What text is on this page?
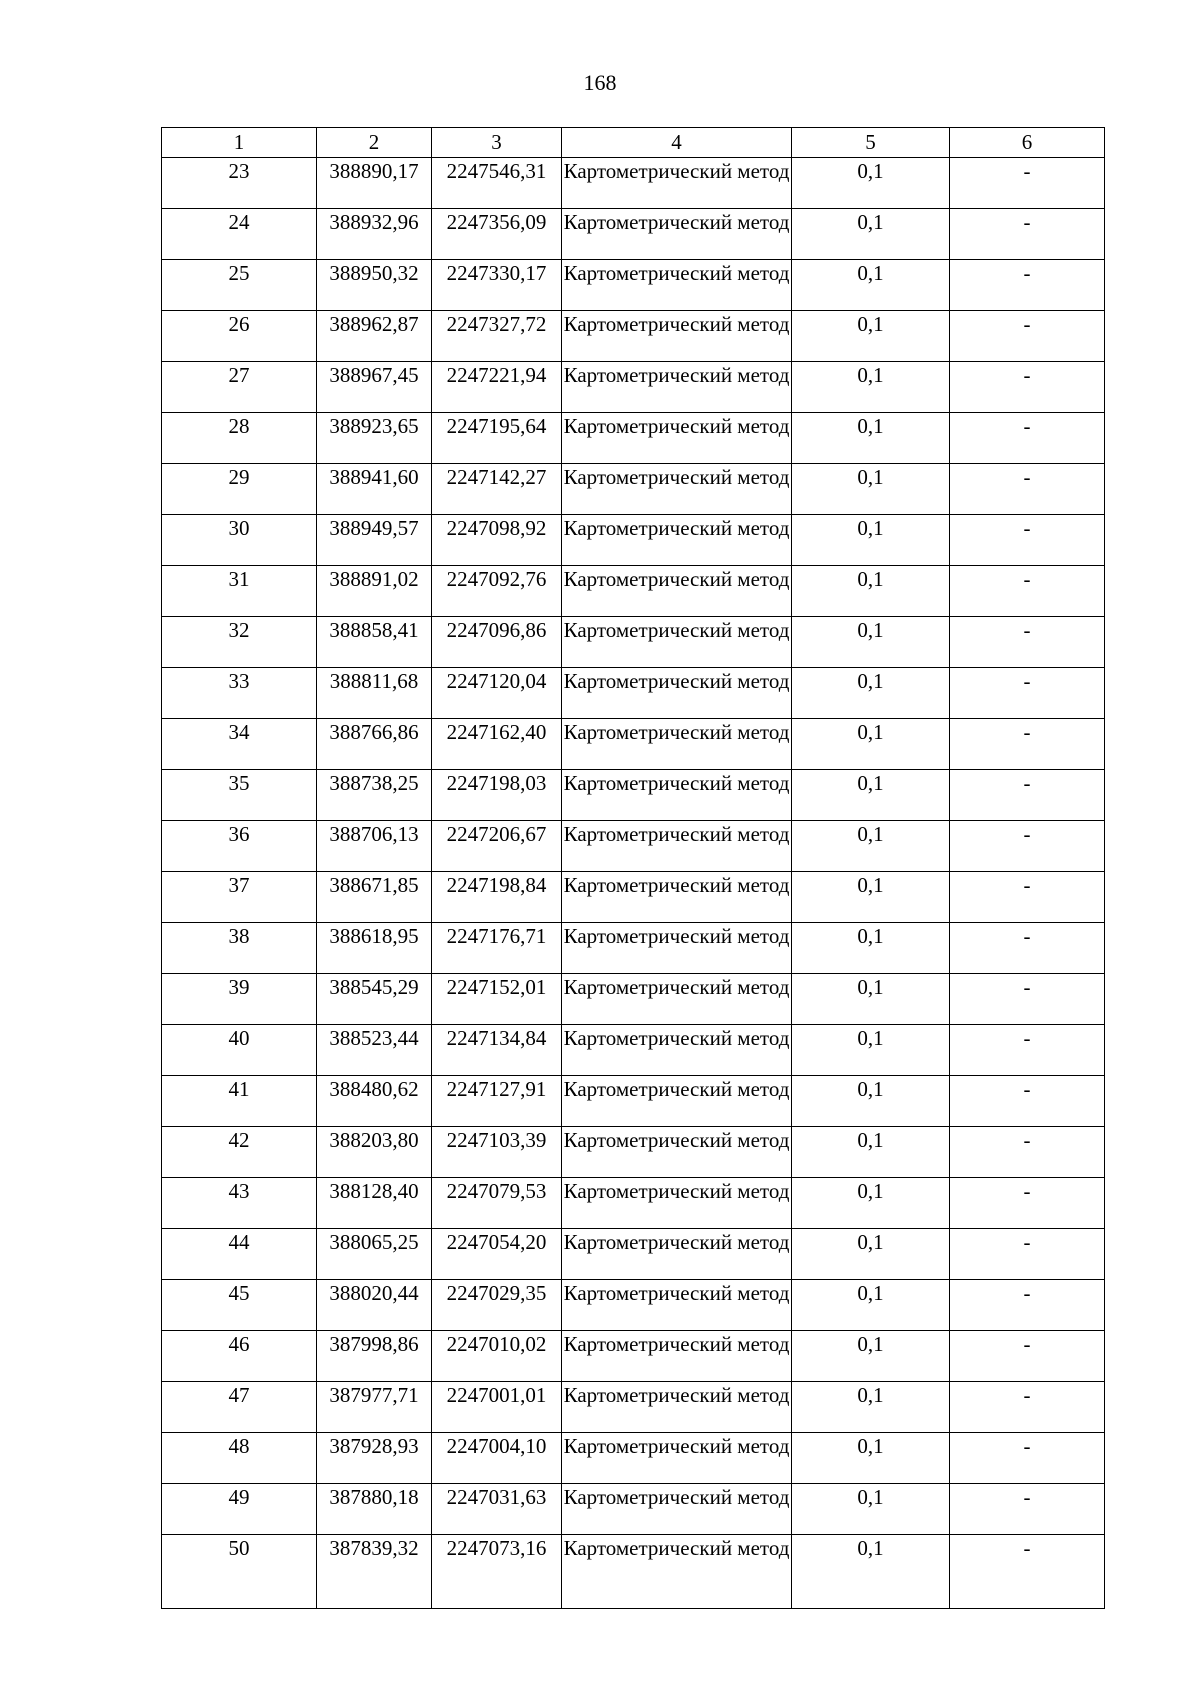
168
1	2	3	4	5	6
23	388890,17	2247546,31	Картометрический метод	0,1	-
24	388932,96	2247356,09	Картометрический метод	0,1	-
25	388950,32	2247330,17	Картометрический метод	0,1	-
26	388962,87	2247327,72	Картометрический метод	0,1	-
27	388967,45	2247221,94	Картометрический метод	0,1	-
28	388923,65	2247195,64	Картометрический метод	0,1	-
29	388941,60	2247142,27	Картометрический метод	0,1	-
30	388949,57	2247098,92	Картометрический метод	0,1	-
31	388891,02	2247092,76	Картометрический метод	0,1	-
32	388858,41	2247096,86	Картометрический метод	0,1	-
33	388811,68	2247120,04	Картометрический метод	0,1	-
34	388766,86	2247162,40	Картометрический метод	0,1	-
35	388738,25	2247198,03	Картометрический метод	0,1	-
36	388706,13	2247206,67	Картометрический метод	0,1	-
37	388671,85	2247198,84	Картометрический метод	0,1	-
38	388618,95	2247176,71	Картометрический метод	0,1	-
39	388545,29	2247152,01	Картометрический метод	0,1	-
40	388523,44	2247134,84	Картометрический метод	0,1	-
41	388480,62	2247127,91	Картометрический метод	0,1	-
42	388203,80	2247103,39	Картометрический метод	0,1	-
43	388128,40	2247079,53	Картометрический метод	0,1	-
44	388065,25	2247054,20	Картометрический метод	0,1	-
45	388020,44	2247029,35	Картометрический метод	0,1	-
46	387998,86	2247010,02	Картометрический метод	0,1	-
47	387977,71	2247001,01	Картометрический метод	0,1	-
48	387928,93	2247004,10	Картометрический метод	0,1	-
49	387880,18	2247031,63	Картометрический метод	0,1	-
50	387839,32	2247073,16	Картометрический метод	0,1	-
